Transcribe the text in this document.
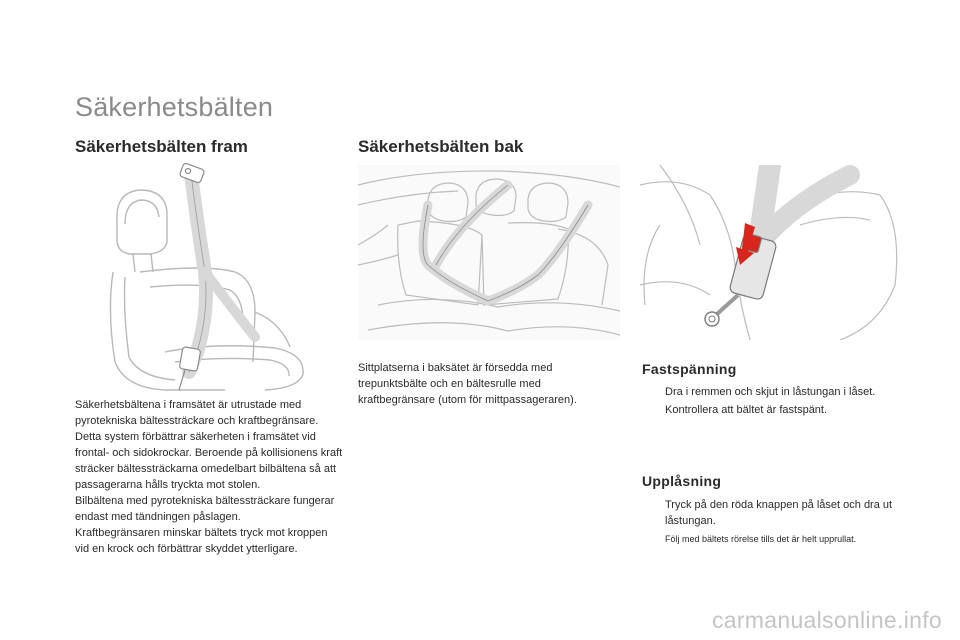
Säkerhetsbälten
Säkerhetsbälten fram
Säkerhetsbältena i framsätet är utrustade med pyrotekniska bältessträckare och kraftbegränsare.
Detta system förbättrar säkerheten i framsätet vid frontal- och sidokrockar. Beroende på kollisionens kraft sträcker bältessträckarna omedelbart bilbältena så att passagerarna hålls tryckta mot stolen.
Bilbältena med pyrotekniska bältessträckare fungerar endast med tändningen påslagen.
Kraftbegränsaren minskar bältets tryck mot kroppen vid en krock och förbättrar skyddet ytterligare.
Säkerhetsbälten bak
Sittplatserna i baksätet är försedda med trepunktsbälte och en bältesrulle med kraftbegränsare (utom för mittpassageraren).
Fastspänning
Dra i remmen och skjut in låstungan i låset.
Kontrollera att bältet är fastspänt.
Upplåsning
Tryck på den röda knappen på låset och dra ut låstungan.
Följ med bältets rörelse tills det är helt upprullat.
carmanualsonline.info
